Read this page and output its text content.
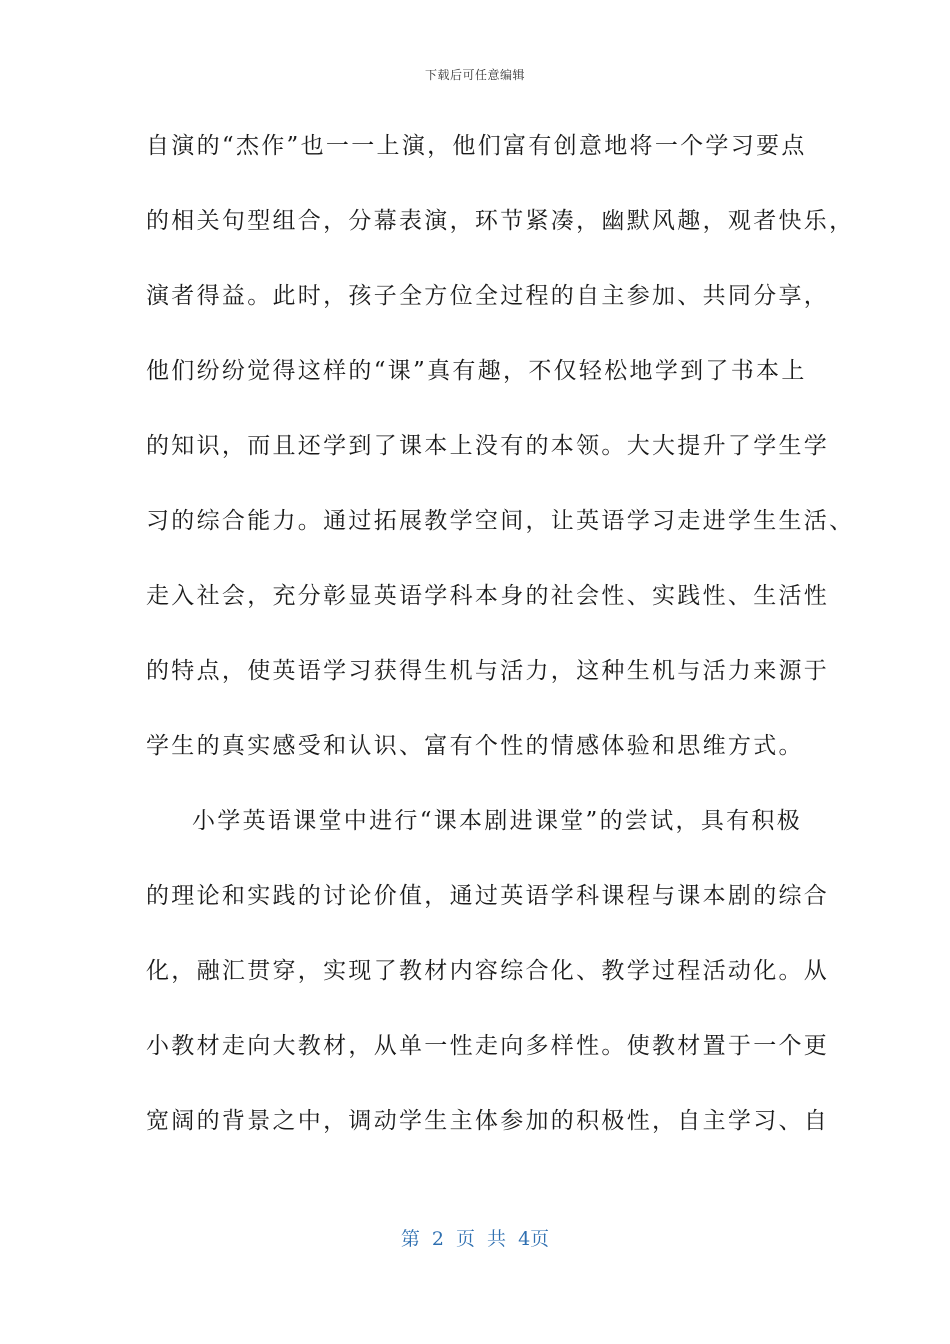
下载后可任意编辑
自演的“杰作”也一一上演，他们富有创意地将一个学习要点
的相关句型组合，分幕表演，环节紧凑，幽默风趣，观者快乐，
演者得益。此时，孩子全方位全过程的自主参加、共同分享，
他们纷纷觉得这样的“课”真有趣，不仅轻松地学到了书本上
的知识，而且还学到了课本上没有的本领。大大提升了学生学
习的综合能力。通过拓展教学空间，让英语学习走进学生生活、
走入社会，充分彰显英语学科本身的社会性、实践性、生活性
的特点，使英语学习获得生机与活力，这种生机与活力来源于
学生的真实感受和认识、富有个性的情感体验和思维方式。
小学英语课堂中进行“课本剧进课堂”的尝试，具有积极
的理论和实践的讨论价值，通过英语学科课程与课本剧的综合
化，融汇贯穿，实现了教材内容综合化、教学过程活动化。从
小教材走向大教材，从单一性走向多样性。使教材置于一个更
宽阔的背景之中，调动学生主体参加的积极性，自主学习、自
第 2 页 共 4页
